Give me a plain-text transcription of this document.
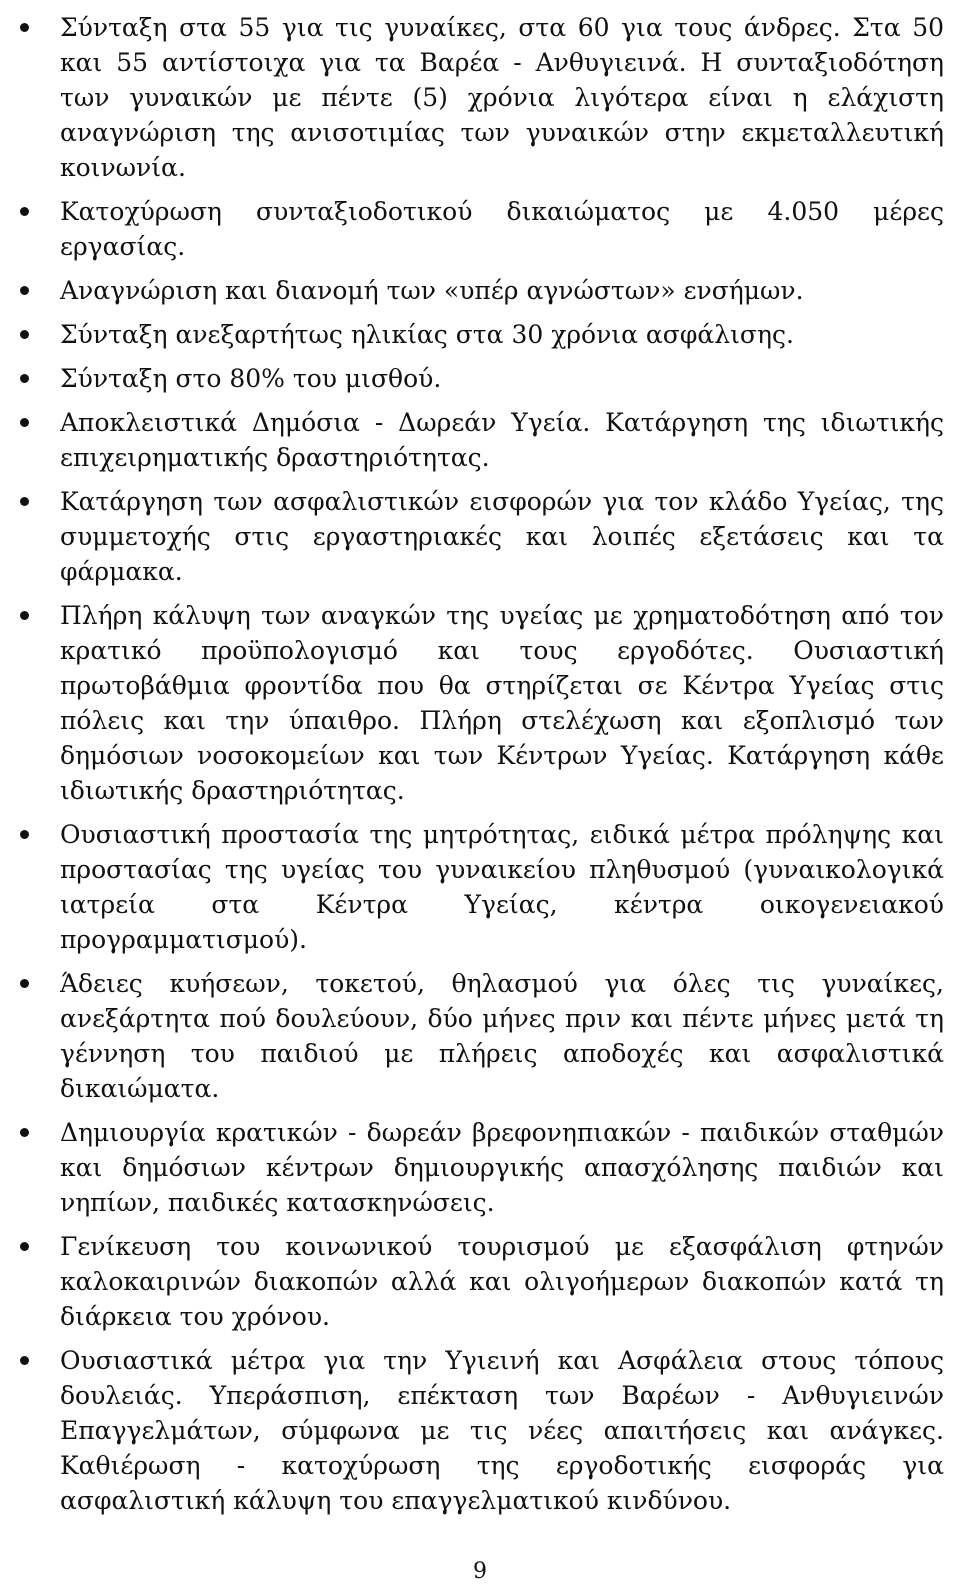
Σύνταξη στα 55 για τις γυναίκες, στα 60 για τους άνδρες. Στα 50 και 55 αντίστοιχα για τα Βαρέα - Ανθυγιεινά. Η συνταξιοδότηση των γυναικών με πέντε (5) χρόνια λιγότερα είναι η ελάχιστη αναγνώριση της ανισοτιμίας των γυναικών στην εκμεταλλευτική κοινωνία.
Κατοχύρωση συνταξιοδοτικού δικαιώματος με 4.050 μέρες εργασίας.
Αναγνώριση και διανομή των «υπέρ αγνώστων» ενσήμων.
Σύνταξη ανεξαρτήτως ηλικίας στα 30 χρόνια ασφάλισης.
Σύνταξη στο 80% του μισθού.
Αποκλειστικά Δημόσια - Δωρεάν Υγεία. Κατάργηση της ιδιωτικής επιχειρηματικής δραστηριότητας.
Κατάργηση των ασφαλιστικών εισφορών για τον κλάδο Υγείας, της συμμετοχής στις εργαστηριακές και λοιπές εξετάσεις και τα φάρμακα.
Πλήρη κάλυψη των αναγκών της υγείας με χρηματοδότηση από τον κρατικό προϋπολογισμό και τους εργοδότες. Ουσιαστική πρωτοβάθμια φροντίδα που θα στηρίζεται σε Κέντρα Υγείας στις πόλεις και την ύπαιθρο. Πλήρη στελέχωση και εξοπλισμό των δημόσιων νοσοκομείων και των Κέντρων Υγείας. Κατάργηση κάθε ιδιωτικής δραστηριότητας.
Ουσιαστική προστασία της μητρότητας, ειδικά μέτρα πρόληψης και προστασίας της υγείας του γυναικείου πληθυσμού (γυναικολογικά ιατρεία στα Κέντρα Υγείας, κέντρα οικογενειακού προγραμματισμού).
Άδειες κυήσεων, τοκετού, θηλασμού για όλες τις γυναίκες, ανεξάρτητα πού δουλεύουν, δύο μήνες πριν και πέντε μήνες μετά τη γέννηση του παιδιού με πλήρεις αποδοχές και ασφαλιστικά δικαιώματα.
Δημιουργία κρατικών - δωρεάν βρεφονηπιακών - παιδικών σταθμών και δημόσιων κέντρων δημιουργικής απασχόλησης παιδιών και νηπίων, παιδικές κατασκηνώσεις.
Γενίκευση του κοινωνικού τουρισμού με εξασφάλιση φτηνών καλοκαιρινών διακοπών αλλά και ολιγοήμερων διακοπών κατά τη διάρκεια του χρόνου.
Ουσιαστικά μέτρα για την Υγιεινή και Ασφάλεια στους τόπους δουλειάς. Υπεράσπιση, επέκταση των Βαρέων - Ανθυγιεινών Επαγγελμάτων, σύμφωνα με τις νέες απαιτήσεις και ανάγκες. Καθιέρωση - κατοχύρωση της εργοδοτικής εισφοράς για ασφαλιστική κάλυψη του επαγγελματικού κινδύνου.
9
